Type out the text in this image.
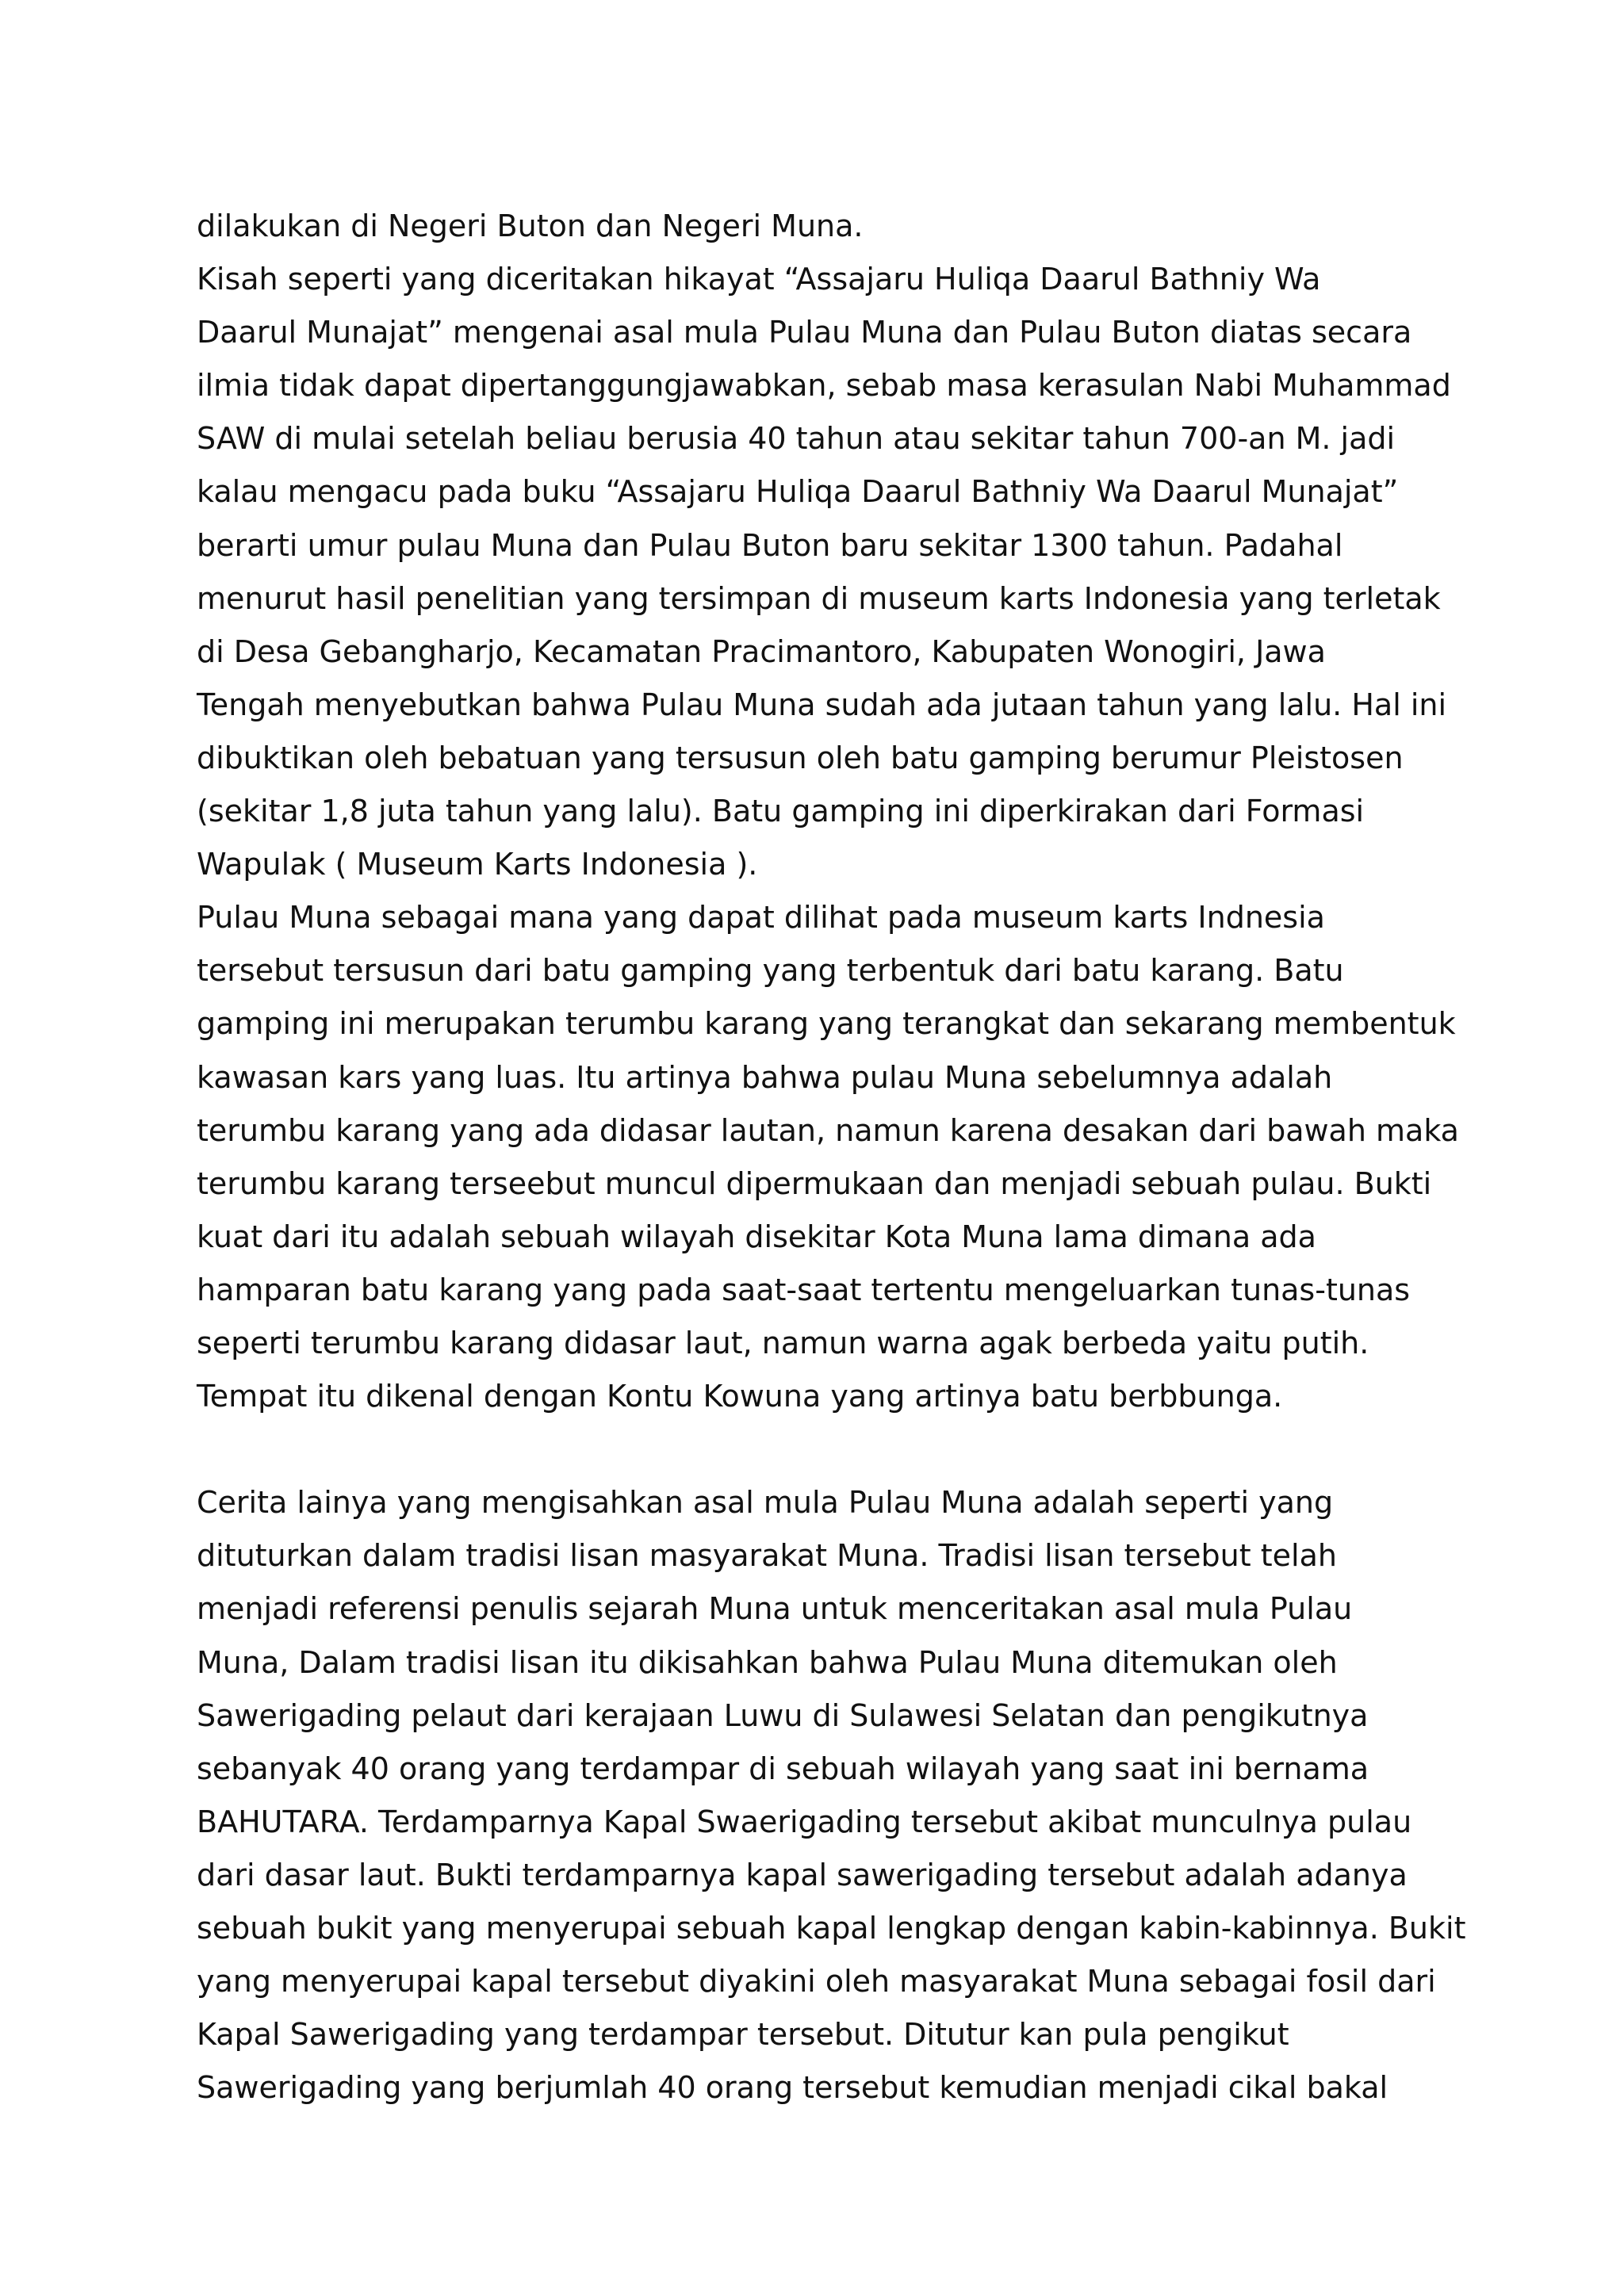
dilakukan di Negeri Buton dan Negeri Muna.
Kisah seperti yang diceritakan hikayat “Assajaru Huliqa Daarul Bathniy Wa
Daarul Munajat” mengenai asal mula Pulau Muna dan Pulau Buton diatas secara
ilmia tidak dapat dipertanggungjawabkan, sebab masa kerasulan Nabi Muhammad
SAW di mulai setelah beliau berusia 40 tahun atau sekitar tahun 700-an M. jadi
kalau mengacu pada buku “Assajaru Huliqa Daarul Bathniy Wa Daarul Munajat”
berarti umur pulau Muna dan Pulau Buton baru sekitar 1300 tahun. Padahal
menurut hasil penelitian yang tersimpan di museum karts Indonesia yang terletak
di Desa Gebangharjo, Kecamatan Pracimantoro, Kabupaten Wonogiri, Jawa
Tengah menyebutkan bahwa Pulau Muna sudah ada jutaan tahun yang lalu. Hal ini
dibuktikan oleh bebatuan yang tersusun oleh batu gamping berumur Pleistosen
(sekitar 1,8 juta tahun yang lalu). Batu gamping ini diperkirakan dari Formasi
Wapulak ( Museum Karts Indonesia ).
Pulau Muna sebagai mana yang dapat dilihat pada museum karts Indnesia
tersebut tersusun dari batu gamping yang terbentuk dari batu karang. Batu
gamping ini merupakan terumbu karang yang terangkat dan sekarang membentuk
kawasan kars yang luas. Itu artinya bahwa pulau Muna sebelumnya adalah
terumbu karang yang ada didasar lautan, namun karena desakan dari bawah maka
terumbu karang terseebut muncul dipermukaan dan menjadi sebuah pulau. Bukti
kuat dari itu adalah sebuah wilayah disekitar Kota Muna lama dimana ada
hamparan batu karang yang pada saat-saat tertentu mengeluarkan tunas-tunas
seperti terumbu karang didasar laut, namun warna agak berbeda yaitu putih.
Tempat itu dikenal dengan Kontu Kowuna yang artinya batu berbbunga.
Cerita lainya yang mengisahkan asal mula Pulau Muna adalah seperti yang
dituturkan dalam tradisi lisan masyarakat Muna. Tradisi lisan tersebut telah
menjadi referensi penulis sejarah Muna untuk menceritakan asal mula Pulau
Muna, Dalam tradisi lisan itu dikisahkan bahwa Pulau Muna ditemukan oleh
Sawerigading pelaut dari kerajaan Luwu di Sulawesi Selatan dan pengikutnya
sebanyak 40 orang yang terdampar di sebuah wilayah yang saat ini bernama
BAHUTARA. Terdamparnya Kapal Swaerigading tersebut akibat munculnya pulau
dari dasar laut. Bukti terdamparnya kapal sawerigading tersebut adalah adanya
sebuah bukit yang menyerupai sebuah kapal lengkap dengan kabin-kabinnya. Bukit
yang menyerupai kapal tersebut diyakini oleh masyarakat Muna sebagai fosil dari
Kapal Sawerigading yang terdampar tersebut. Ditutur kan pula pengikut
Sawerigading yang berjumlah 40 orang tersebut kemudian menjadi cikal bakal
